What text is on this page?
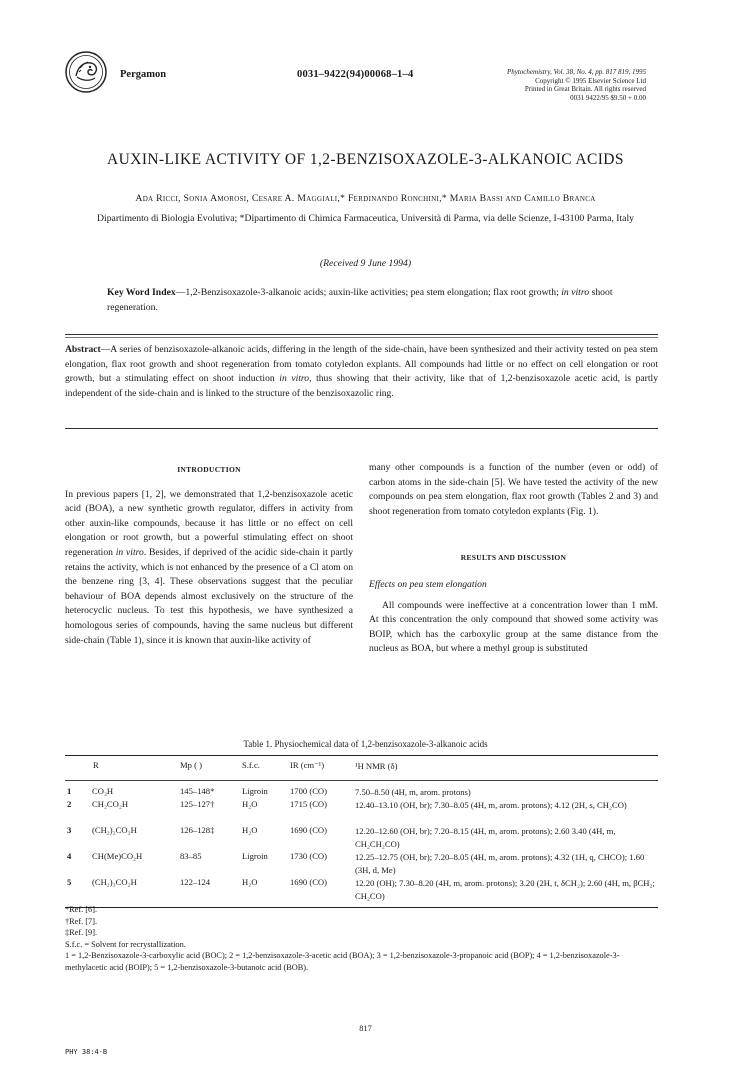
Pergamon	0031–9422(94)00068–1–4	Phytochemistry, Vol. 38, No. 4, pp. 817 819, 1995
Copyright © 1995 Elsevier Science Ltd
Printed in Great Britain. All rights reserved
0031 9422/95 $9.50 + 0.00
AUXIN-LIKE ACTIVITY OF 1,2-BENZISOXAZOLE-3-ALKANOIC ACIDS
Ada Ricci, Sonia Amorosi, Cesare A. Maggiali,* Ferdinando Ronchini,* Maria Bassi and Camillo Branca
Dipartimento di Biologia Evolutiva; *Dipartimento di Chimica Farmaceutica, Università di Parma, via delle Scienze, I-43100 Parma, Italy
(Received 9 June 1994)
Key Word Index—1,2-Benzisoxazole-3-alkanoic acids; auxin-like activities; pea stem elongation; flax root growth; in vitro shoot regeneration.
Abstract—A series of benzisoxazole-alkanoic acids, differing in the length of the side-chain, have been synthesized and their activity tested on pea stem elongation, flax root growth and shoot regeneration from tomato cotyledon explants. All compounds had little or no effect on cell elongation or root growth, but a stimulating effect on shoot induction in vitro, thus showing that their activity, like that of 1,2-benzisoxazole acetic acid, is partly independent of the side-chain and is linked to the structure of the benzisoxazolic ring.
INTRODUCTION

In previous papers [1, 2], we demonstrated that 1,2-benzisoxazole acetic acid (BOA), a new synthetic growth regulator, differs in activity from other auxin-like compounds, because it has little or no effect on cell elongation or root growth, but a powerful stimulating effect on shoot regeneration in vitro. Besides, if deprived of the acidic side-chain it partly retains the activity, which is not enhanced by the presence of a Cl atom on the benzene ring [3, 4]. These observations suggest that the peculiar behaviour of BOA depends almost exclusively on the structure of the heterocyclic nucleus. To test this hypothesis, we have synthesized a homologous series of compounds, having the same nucleus but different side-chain (Table 1), since it is known that auxin-like activity of

many other compounds is a function of the number (even or odd) of carbon atoms in the side-chain [5]. We have tested the activity of the new compounds on pea stem elongation, flax root growth (Tables 2 and 3) and shoot regeneration from tomato cotyledon explants (Fig. 1).

RESULTS AND DISCUSSION
Effects on pea stem elongation

All compounds were ineffective at a concentration lower than 1 mM. At this concentration the only compound that showed some activity was BOIP, which has the carboxylic group at the same distance from the nucleus as BOA, but where a methyl group is substituted

Table 1. Physiochemical data of 1,2-benzisoxazole-3-alkanoic acids
R	Mp ( )	S.f.c.	IR (cm⁻¹)	¹H NMR (δ)
1 CO₂H	145–148*	Ligroin	1700 (CO)	7.50–8.50 (4H, m, arom. protons)
2 CH₂CO₂H	125–127†	H₂O	1715 (CO)	12.40–13.10 (OH, br); 7.30–8.05 (4H, m, arom. protons); 4.12 (2H, s, CH₂CO)
3 (CH₂)₂CO₂H	126–128‡	H₂O	1690 (CO)	12.20–12.60 (OH, br); 7.20–8.15 (4H, m, arom. protons); 2.60 3.40 (4H, m, CH₂CH₂CO)
4 CH(Me)CO₂H	83–85	Ligroin	1730 (CO)	12.25–12.75 (OH, br); 7.20–8.05 (4H, m, arom. protons); 4.32 (1H, q, CHCO); 1.60 (3H, d, Me)
5 (CH₂)₃CO₂H	122–124	H₂O	1690 (CO)	12.20 (OH); 7.30–8.20 (4H, m, arom. protons); 3.20 (2H, t, δCH₂); 2.60 (4H, m, βCH₂; CH₂CO)
*Ref. [6].
†Ref. [7].
‡Ref. [9].
S.f.c. = Solvent for recrystallization.
1 = 1,2-Benzisoxazole-3-carboxylic acid (BOC); 2 = 1,2-benzisoxazole-3-acetic acid (BOA); 3 = 1,2-benzisoxazole-3-propanoic acid (BOP); 4 = 1,2-benzisoxazole-3-methylacetic acid (BOIP); 5 = 1,2-benzisoxazole-3-butanoic acid (BOB).
817
PHY 38:4-B
